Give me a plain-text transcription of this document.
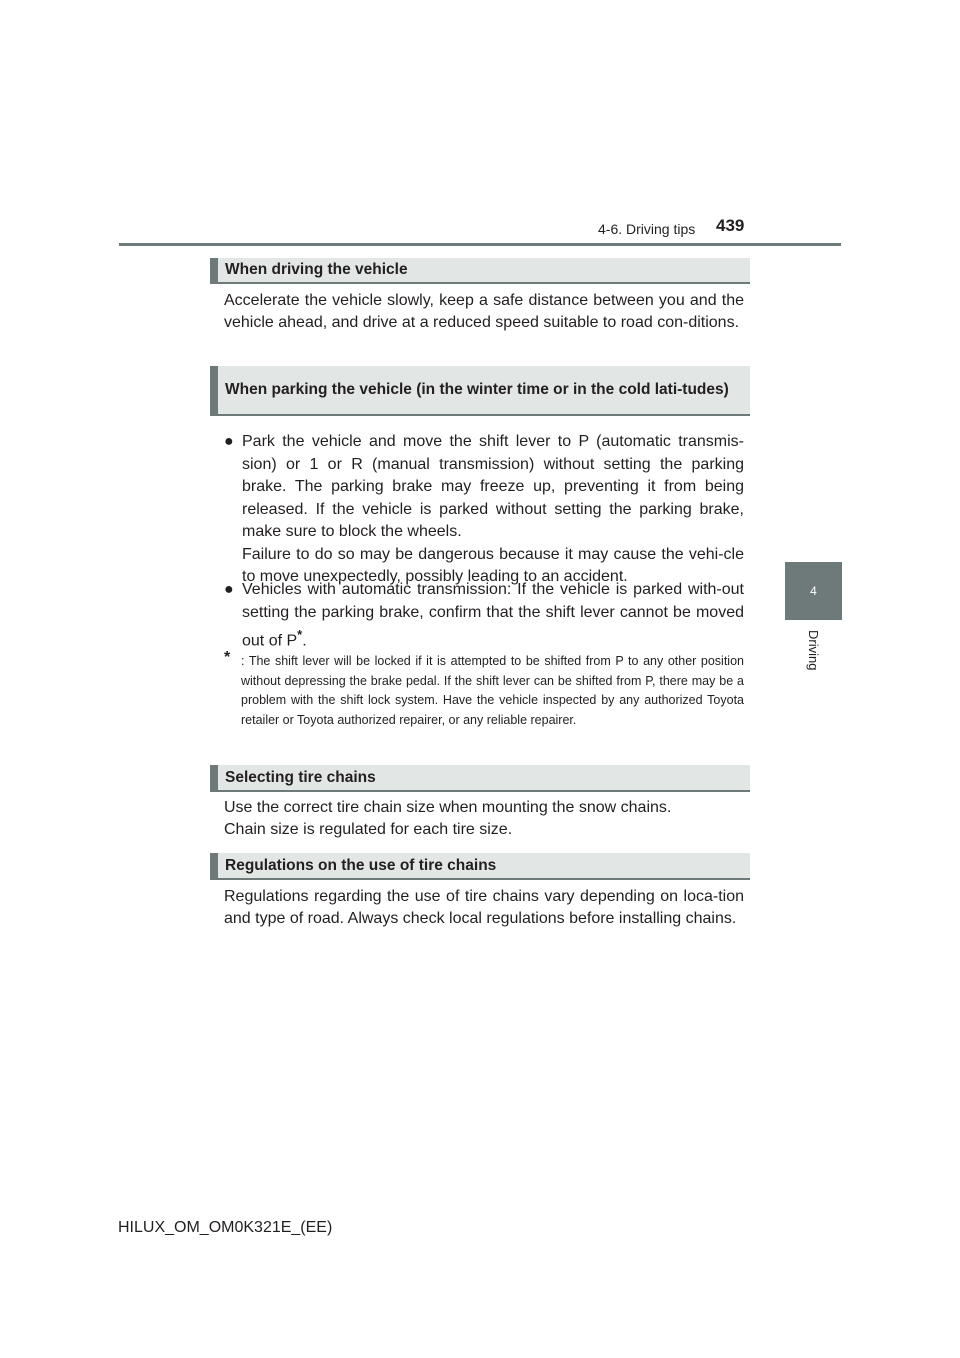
4-6. Driving tips 439
4
Driving
When driving the vehicle

Accelerate the vehicle slowly, keep a safe distance between you and the vehicle ahead, and drive at a reduced speed suitable to road con-ditions.

When parking the vehicle (in the winter time or in the cold lati-tudes)
● Park the vehicle and move the shift lever to P (automatic transmis-sion) or 1 or R (manual transmission) without setting the parking brake. The parking brake may freeze up, preventing it from being released. If the vehicle is parked without setting the parking brake, make sure to block the wheels.
Failure to do so may be dangerous because it may cause the vehi-cle to move unexpectedly, possibly leading to an accident.
● Vehicles with automatic transmission: If the vehicle is parked with-out setting the parking brake, confirm that the shift lever cannot be moved out of P*.
* : The shift lever will be locked if it is attempted to be shifted from P to any other position without depressing the brake pedal. If the shift lever can be shifted from P, there may be a problem with the shift lock system. Have the vehicle inspected by any authorized Toyota retailer or Toyota authorized repairer, or any reliable repairer.
Selecting tire chains
Use the correct tire chain size when mounting the snow chains.
Chain size is regulated for each tire size.
Regulations on the use of tire chains

Regulations regarding the use of tire chains vary depending on loca-tion and type of road. Always check local regulations before installing chains.

HILUX_OM_OM0K321E_(EE)
